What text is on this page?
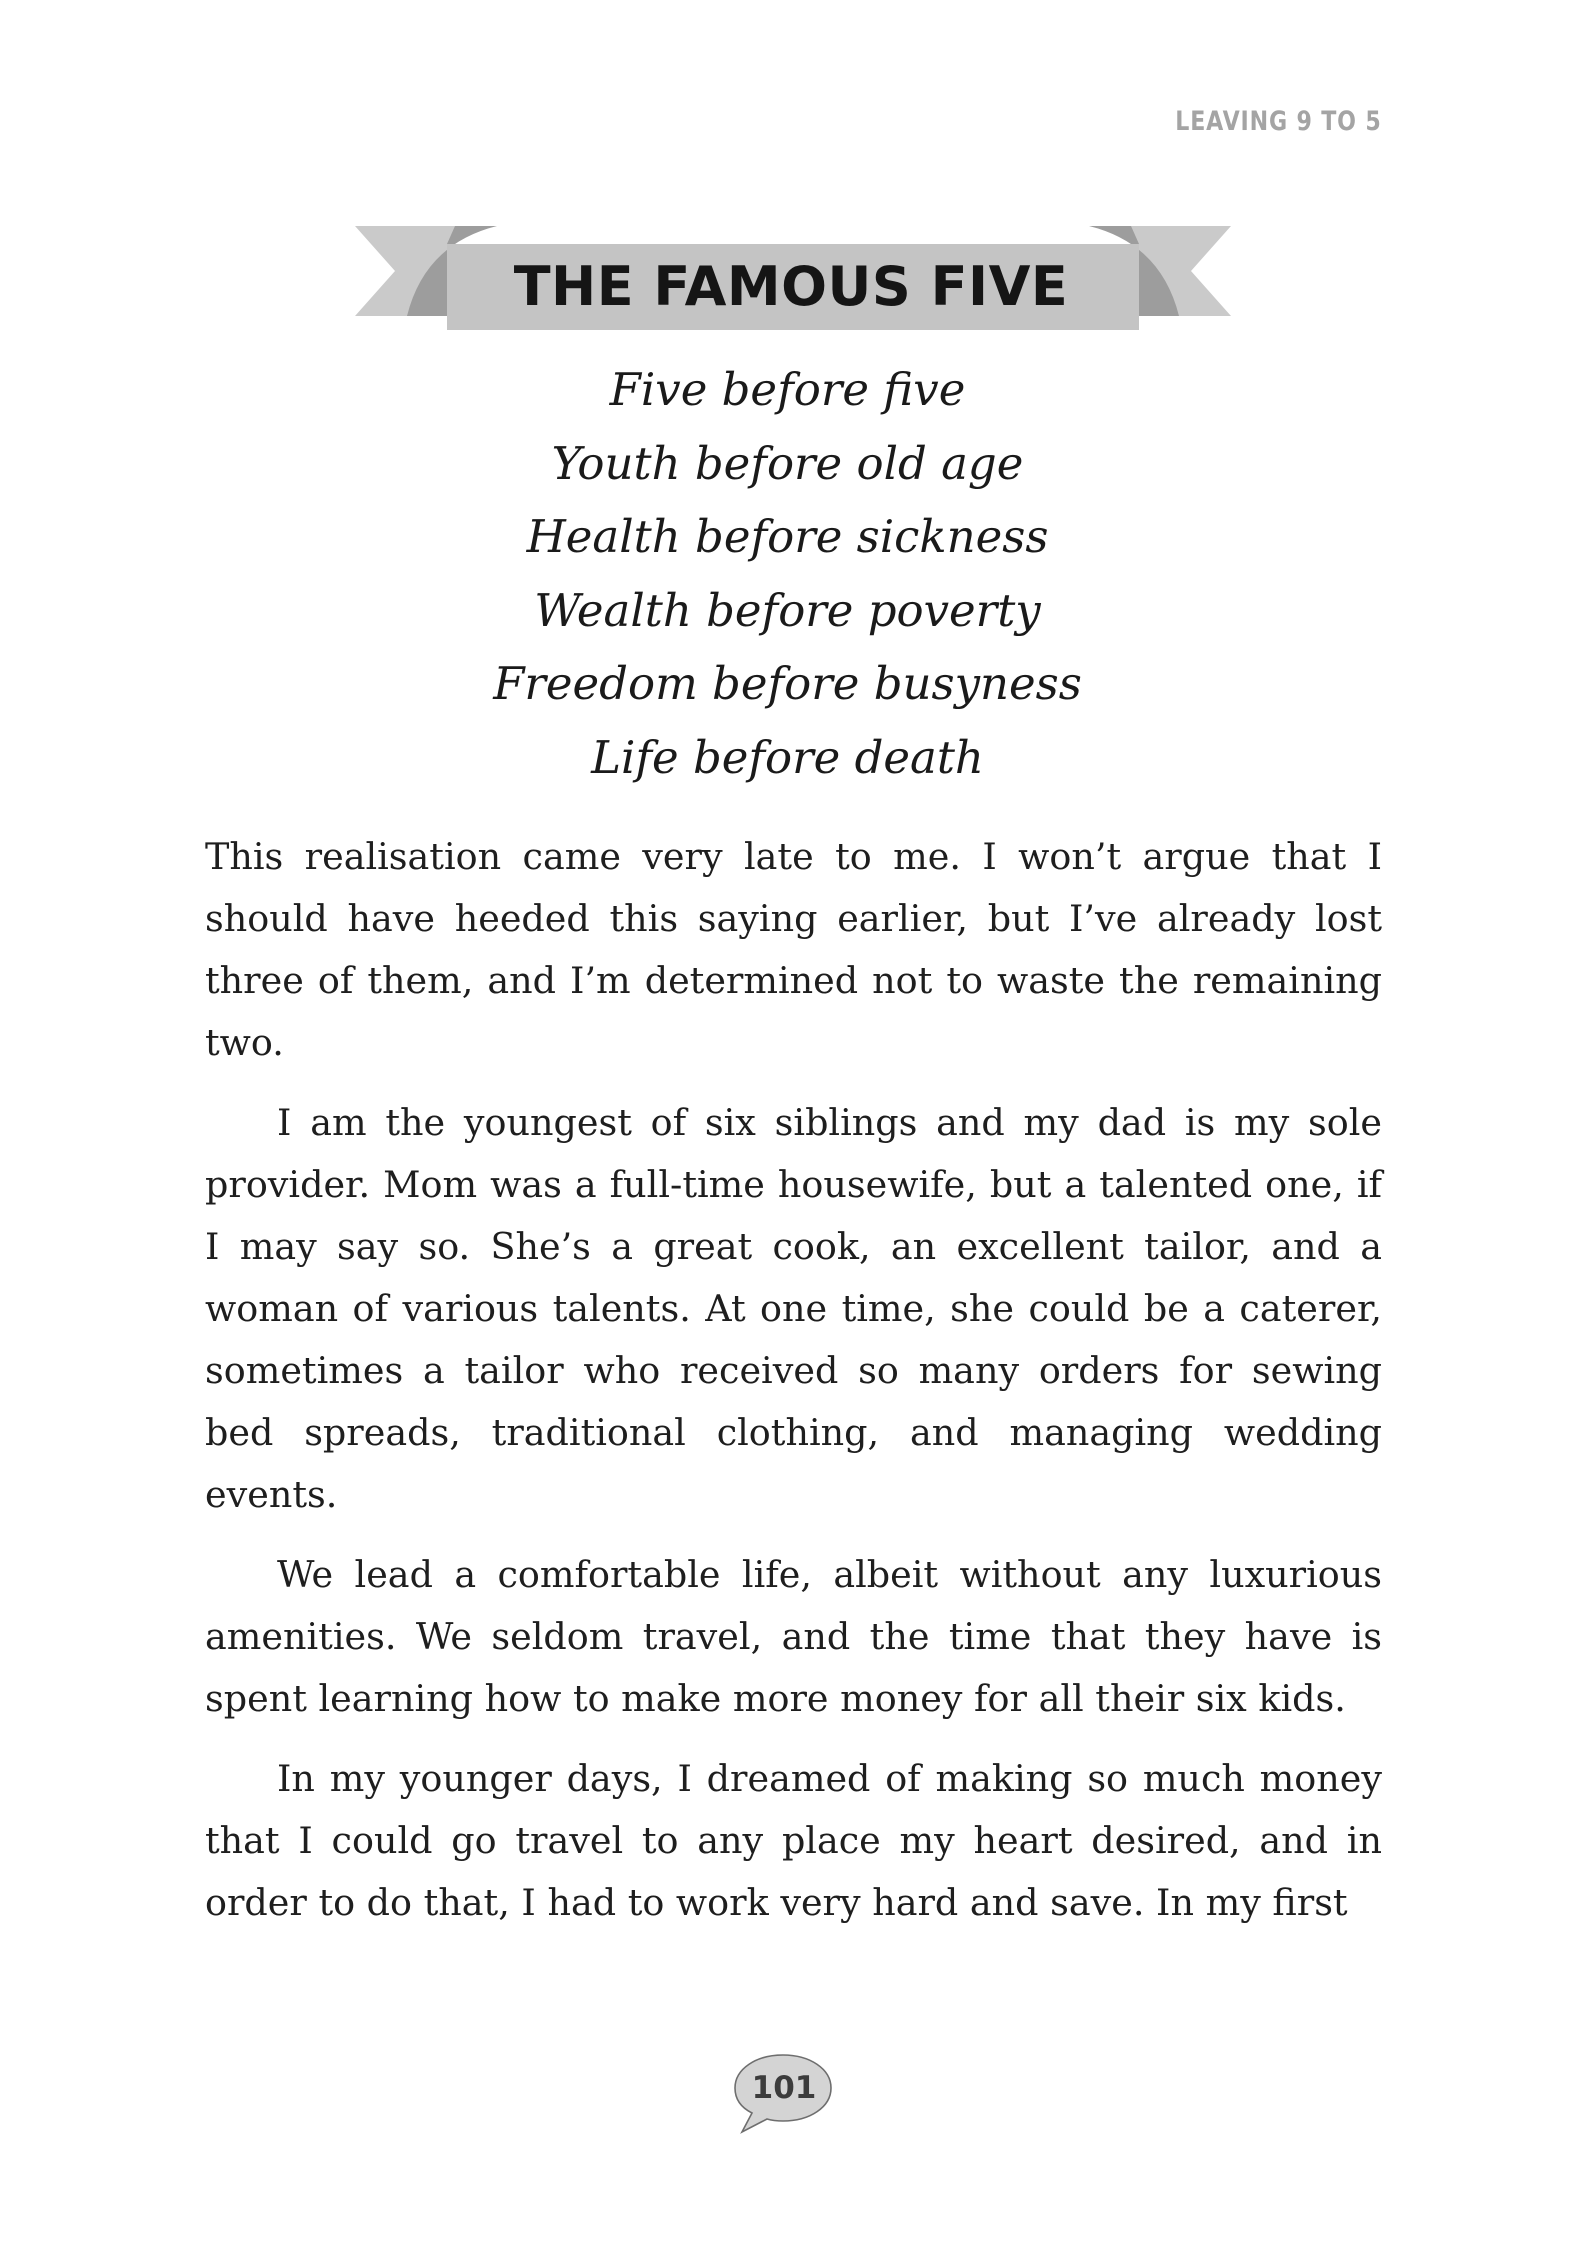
LEAVING 9 TO 5
THE FAMOUS FIVE
Five before five
Youth before old age
Health before sickness
Wealth before poverty
Freedom before busyness
Life before death

This realisation came very late to me. I won’t argue that I should have heeded this saying earlier, but I’ve already lost three of them, and I’m determined not to waste the remaining two.

I am the youngest of six siblings and my dad is my sole provider. Mom was a full-time housewife, but a talented one, if I may say so. She’s a great cook, an excellent tailor, and a woman of various talents. At one time, she could be a caterer, sometimes a tailor who received so many orders for sewing bed spreads, traditional clothing, and managing wedding events.

We lead a comfortable life, albeit without any luxurious amenities. We seldom travel, and the time that they have is spent learning how to make more money for all their six kids.

In my younger days, I dreamed of making so much money that I could go travel to any place my heart desired, and in order to do that, I had to work very hard and save. In my first

101
